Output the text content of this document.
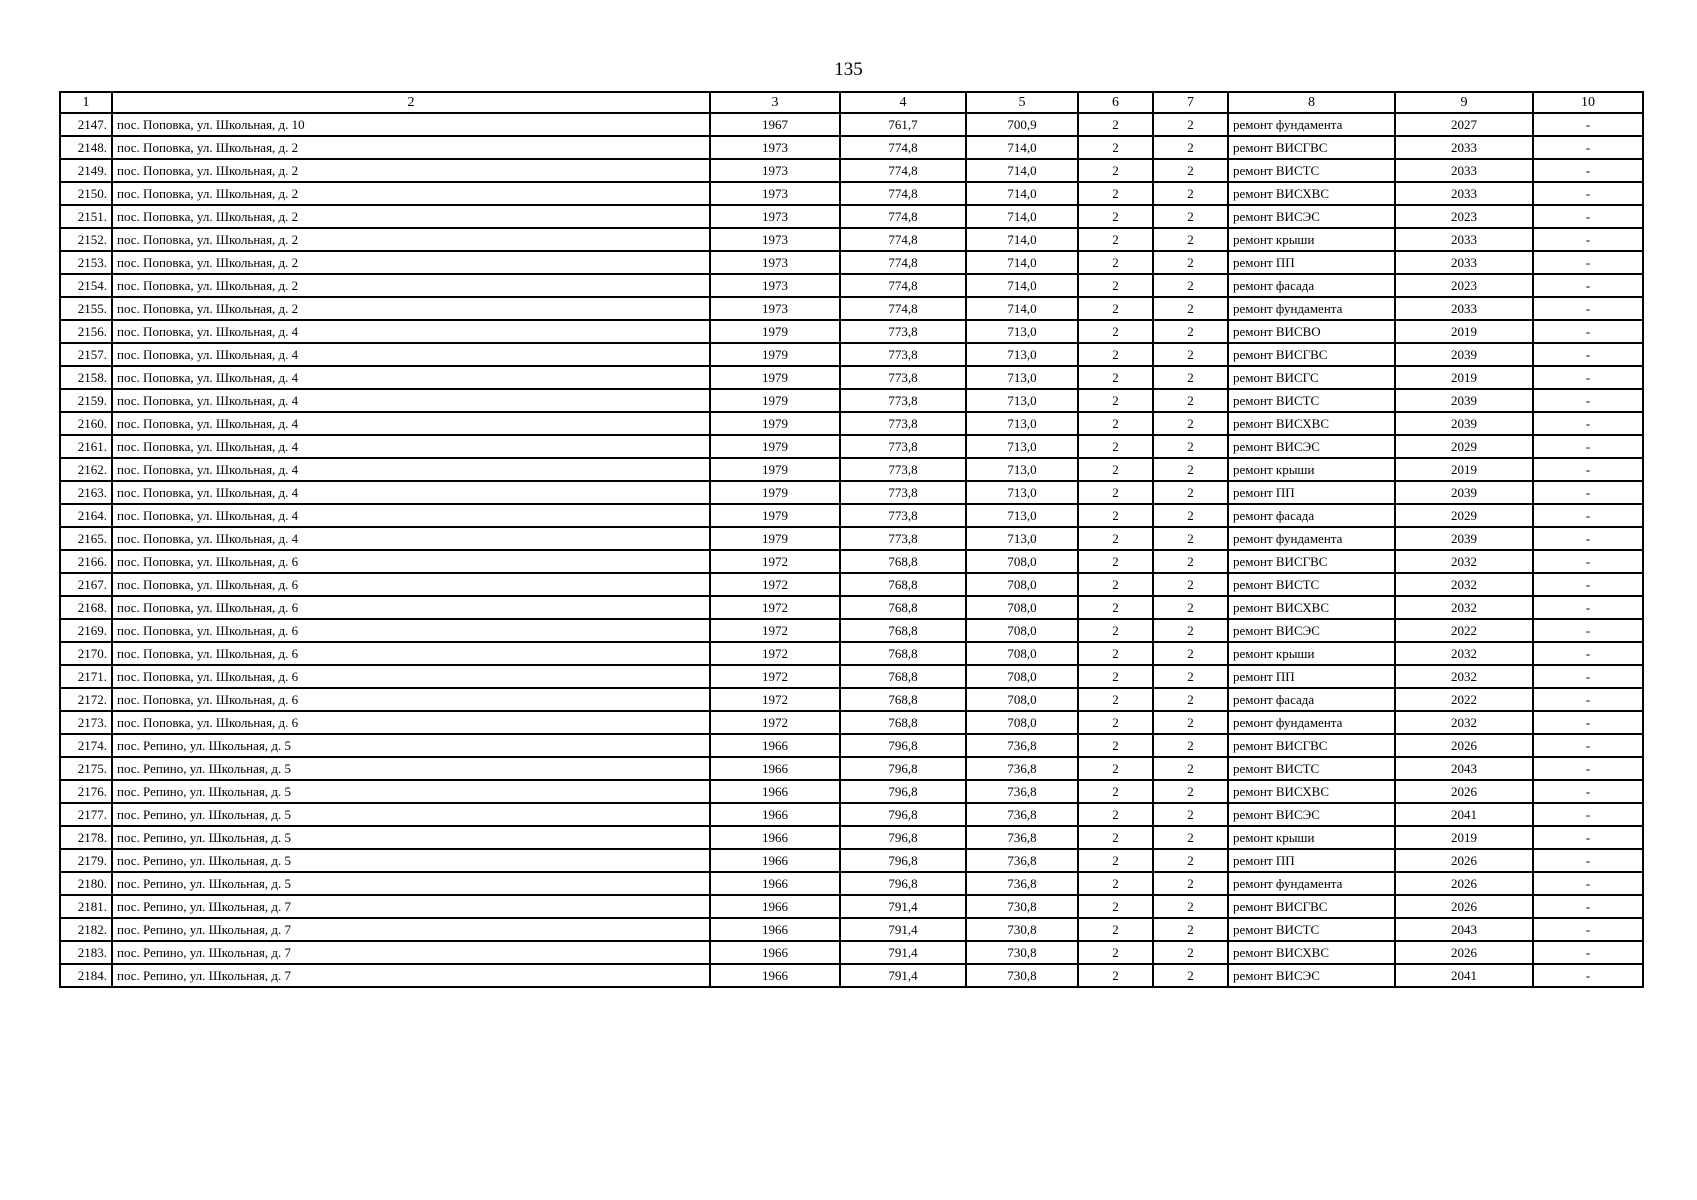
135
1	2	3	4	5	6	7	8	9	10
2147.	пос. Поповка, ул. Школьная, д. 10	1967	761,7	700,9	2	2	ремонт фундамента	2027	-
2148.	пос. Поповка, ул. Школьная, д. 2	1973	774,8	714,0	2	2	ремонт ВИСГВС	2033	-
2149.	пос. Поповка, ул. Школьная, д. 2	1973	774,8	714,0	2	2	ремонт ВИСТС	2033	-
2150.	пос. Поповка, ул. Школьная, д. 2	1973	774,8	714,0	2	2	ремонт ВИСХВС	2033	-
2151.	пос. Поповка, ул. Школьная, д. 2	1973	774,8	714,0	2	2	ремонт ВИСЭС	2023	-
2152.	пос. Поповка, ул. Школьная, д. 2	1973	774,8	714,0	2	2	ремонт крыши	2033	-
2153.	пос. Поповка, ул. Школьная, д. 2	1973	774,8	714,0	2	2	ремонт ПП	2033	-
2154.	пос. Поповка, ул. Школьная, д. 2	1973	774,8	714,0	2	2	ремонт фасада	2023	-
2155.	пос. Поповка, ул. Школьная, д. 2	1973	774,8	714,0	2	2	ремонт фундамента	2033	-
2156.	пос. Поповка, ул. Школьная, д. 4	1979	773,8	713,0	2	2	ремонт ВИСВО	2019	-
2157.	пос. Поповка, ул. Школьная, д. 4	1979	773,8	713,0	2	2	ремонт ВИСГВС	2039	-
2158.	пос. Поповка, ул. Школьная, д. 4	1979	773,8	713,0	2	2	ремонт ВИСГС	2019	-
2159.	пос. Поповка, ул. Школьная, д. 4	1979	773,8	713,0	2	2	ремонт ВИСТС	2039	-
2160.	пос. Поповка, ул. Школьная, д. 4	1979	773,8	713,0	2	2	ремонт ВИСХВС	2039	-
2161.	пос. Поповка, ул. Школьная, д. 4	1979	773,8	713,0	2	2	ремонт ВИСЭС	2029	-
2162.	пос. Поповка, ул. Школьная, д. 4	1979	773,8	713,0	2	2	ремонт крыши	2019	-
2163.	пос. Поповка, ул. Школьная, д. 4	1979	773,8	713,0	2	2	ремонт ПП	2039	-
2164.	пос. Поповка, ул. Школьная, д. 4	1979	773,8	713,0	2	2	ремонт фасада	2029	-
2165.	пос. Поповка, ул. Школьная, д. 4	1979	773,8	713,0	2	2	ремонт фундамента	2039	-
2166.	пос. Поповка, ул. Школьная, д. 6	1972	768,8	708,0	2	2	ремонт ВИСГВС	2032	-
2167.	пос. Поповка, ул. Школьная, д. 6	1972	768,8	708,0	2	2	ремонт ВИСТС	2032	-
2168.	пос. Поповка, ул. Школьная, д. 6	1972	768,8	708,0	2	2	ремонт ВИСХВС	2032	-
2169.	пос. Поповка, ул. Школьная, д. 6	1972	768,8	708,0	2	2	ремонт ВИСЭС	2022	-
2170.	пос. Поповка, ул. Школьная, д. 6	1972	768,8	708,0	2	2	ремонт крыши	2032	-
2171.	пос. Поповка, ул. Школьная, д. 6	1972	768,8	708,0	2	2	ремонт ПП	2032	-
2172.	пос. Поповка, ул. Школьная, д. 6	1972	768,8	708,0	2	2	ремонт фасада	2022	-
2173.	пос. Поповка, ул. Школьная, д. 6	1972	768,8	708,0	2	2	ремонт фундамента	2032	-
2174.	пос. Репино, ул. Школьная, д. 5	1966	796,8	736,8	2	2	ремонт ВИСГВС	2026	-
2175.	пос. Репино, ул. Школьная, д. 5	1966	796,8	736,8	2	2	ремонт ВИСТС	2043	-
2176.	пос. Репино, ул. Школьная, д. 5	1966	796,8	736,8	2	2	ремонт ВИСХВС	2026	-
2177.	пос. Репино, ул. Школьная, д. 5	1966	796,8	736,8	2	2	ремонт ВИСЭС	2041	-
2178.	пос. Репино, ул. Школьная, д. 5	1966	796,8	736,8	2	2	ремонт крыши	2019	-
2179.	пос. Репино, ул. Школьная, д. 5	1966	796,8	736,8	2	2	ремонт ПП	2026	-
2180.	пос. Репино, ул. Школьная, д. 5	1966	796,8	736,8	2	2	ремонт фундамента	2026	-
2181.	пос. Репино, ул. Школьная, д. 7	1966	791,4	730,8	2	2	ремонт ВИСГВС	2026	-
2182.	пос. Репино, ул. Школьная, д. 7	1966	791,4	730,8	2	2	ремонт ВИСТС	2043	-
2183.	пос. Репино, ул. Школьная, д. 7	1966	791,4	730,8	2	2	ремонт ВИСХВС	2026	-
2184.	пос. Репино, ул. Школьная, д. 7	1966	791,4	730,8	2	2	ремонт ВИСЭС	2041	-
